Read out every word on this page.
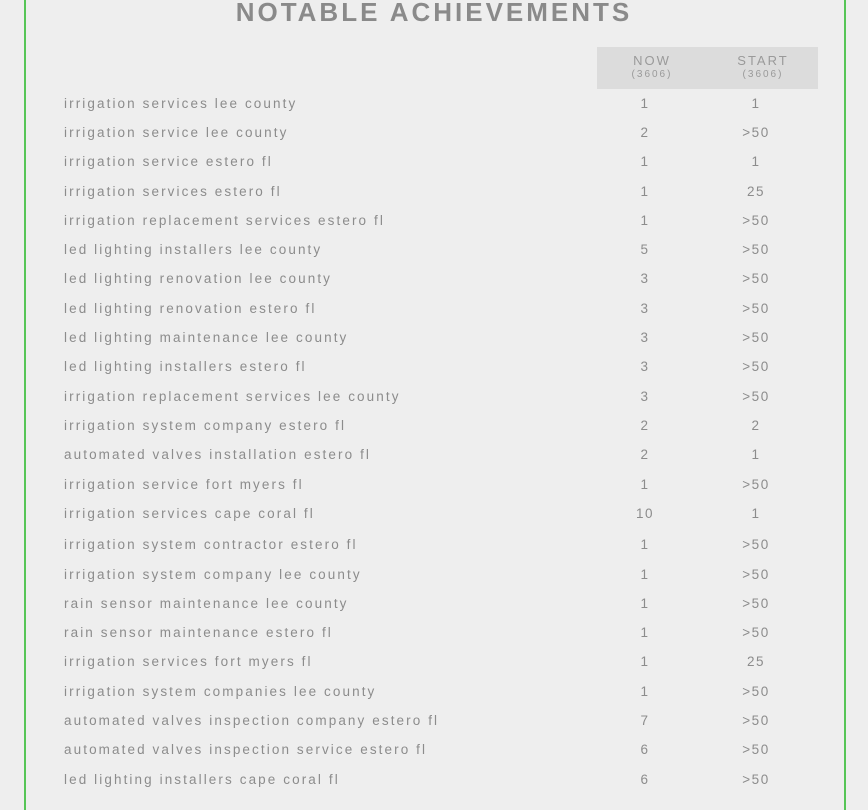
NOTABLE ACHIEVEMENTS
NOW
(3606)
START
(3606)
irrigation services lee county	1	1
irrigation service lee county	2	>50
irrigation service estero fl	1	1
irrigation services estero fl	1	25
irrigation replacement services estero fl	1	>50
led lighting installers lee county	5	>50
led lighting renovation lee county	3	>50
led lighting renovation estero fl	3	>50
led lighting maintenance lee county	3	>50
led lighting installers estero fl	3	>50
irrigation replacement services lee county	3	>50
irrigation system company estero fl	2	2
automated valves installation estero fl	2	1
irrigation service fort myers fl	1	>50
irrigation services cape coral fl	10	1
irrigation system contractor estero fl	1	>50
irrigation system company lee county	1	>50
rain sensor maintenance lee county	1	>50
rain sensor maintenance estero fl	1	>50
irrigation services fort myers fl	1	25
irrigation system companies lee county	1	>50
automated valves inspection company estero fl	7	>50
automated valves inspection service estero fl	6	>50
led lighting installers cape coral fl	6	>50
